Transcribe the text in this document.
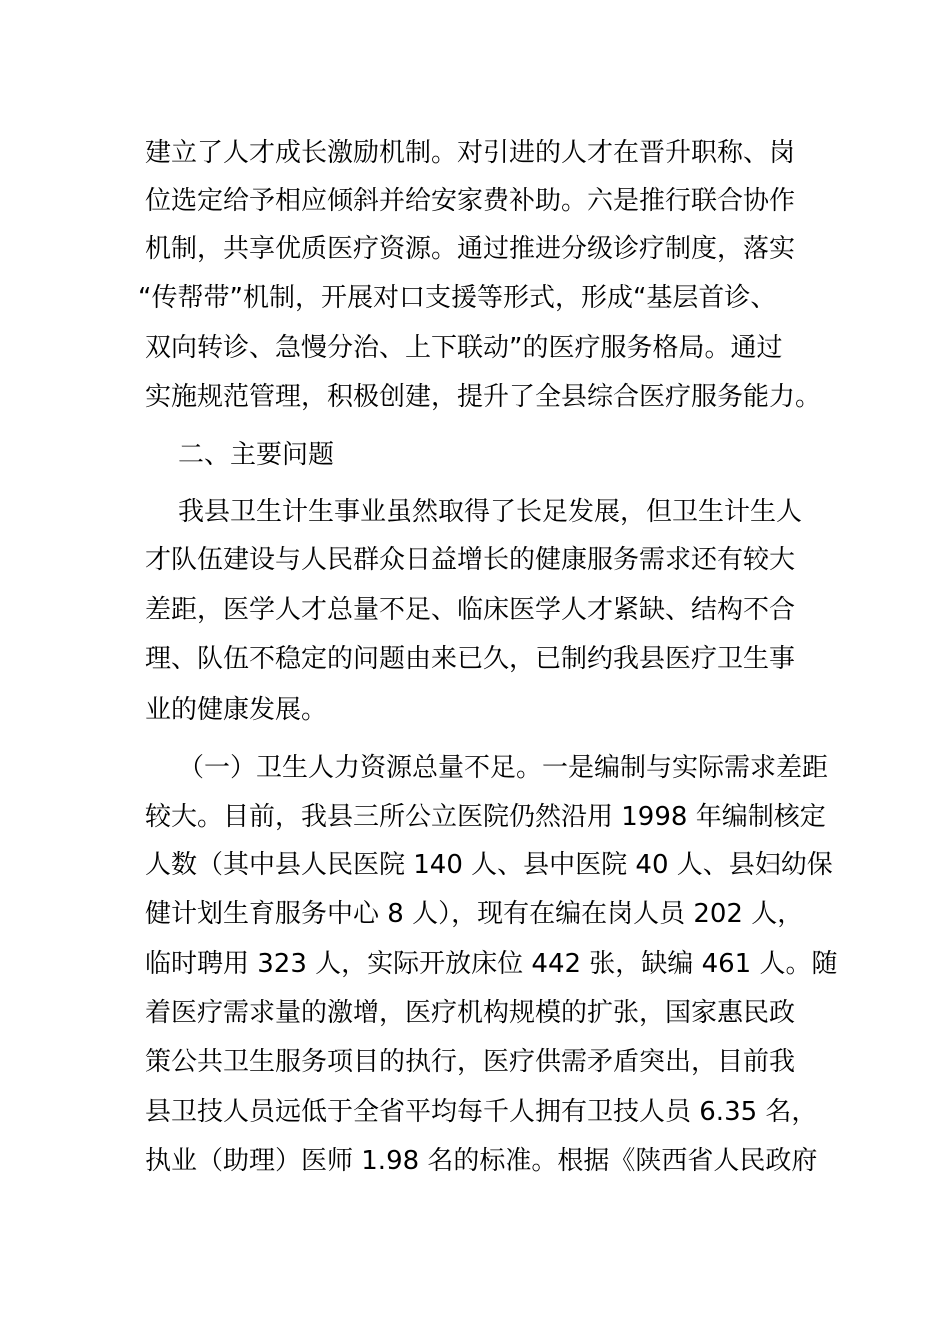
建立了人才成长激励机制。对引进的人才在晋升职称、岗
位选定给予相应倾斜并给安家费补助。六是推行联合协作
机制，共享优质医疗资源。通过推进分级诊疗制度，落实
“传帮带”机制，开展对口支援等形式，形成“基层首诊、
双向转诊、急慢分治、上下联动”的医疗服务格局。通过
实施规范管理，积极创建，提升了全县综合医疗服务能力。
二、主要问题
我县卫生计生事业虽然取得了长足发展，但卫生计生人
才队伍建设与人民群众日益增长的健康服务需求还有较大
差距，医学人才总量不足、临床医学人才紧缺、结构不合
理、队伍不稳定的问题由来已久，已制约我县医疗卫生事
业的健康发展。
（一）卫生人力资源总量不足。一是编制与实际需求差距
较大。目前，我县三所公立医院仍然沿用 1998 年编制核定
人数（其中县人民医院 140 人、县中医院 40 人、县妇幼保
健计划生育服务中心 8 人），现有在编在岗人员 202 人，
临时聘用 323 人，实际开放床位 442 张，缺编 461 人。随
着医疗需求量的激增，医疗机构规模的扩张，国家惠民政
策公共卫生服务项目的执行，医疗供需矛盾突出，目前我
县卫技人员远低于全省平均每千人拥有卫技人员 6.35 名，
执业（助理）医师 1.98 名的标准。根据《陕西省人民政府
